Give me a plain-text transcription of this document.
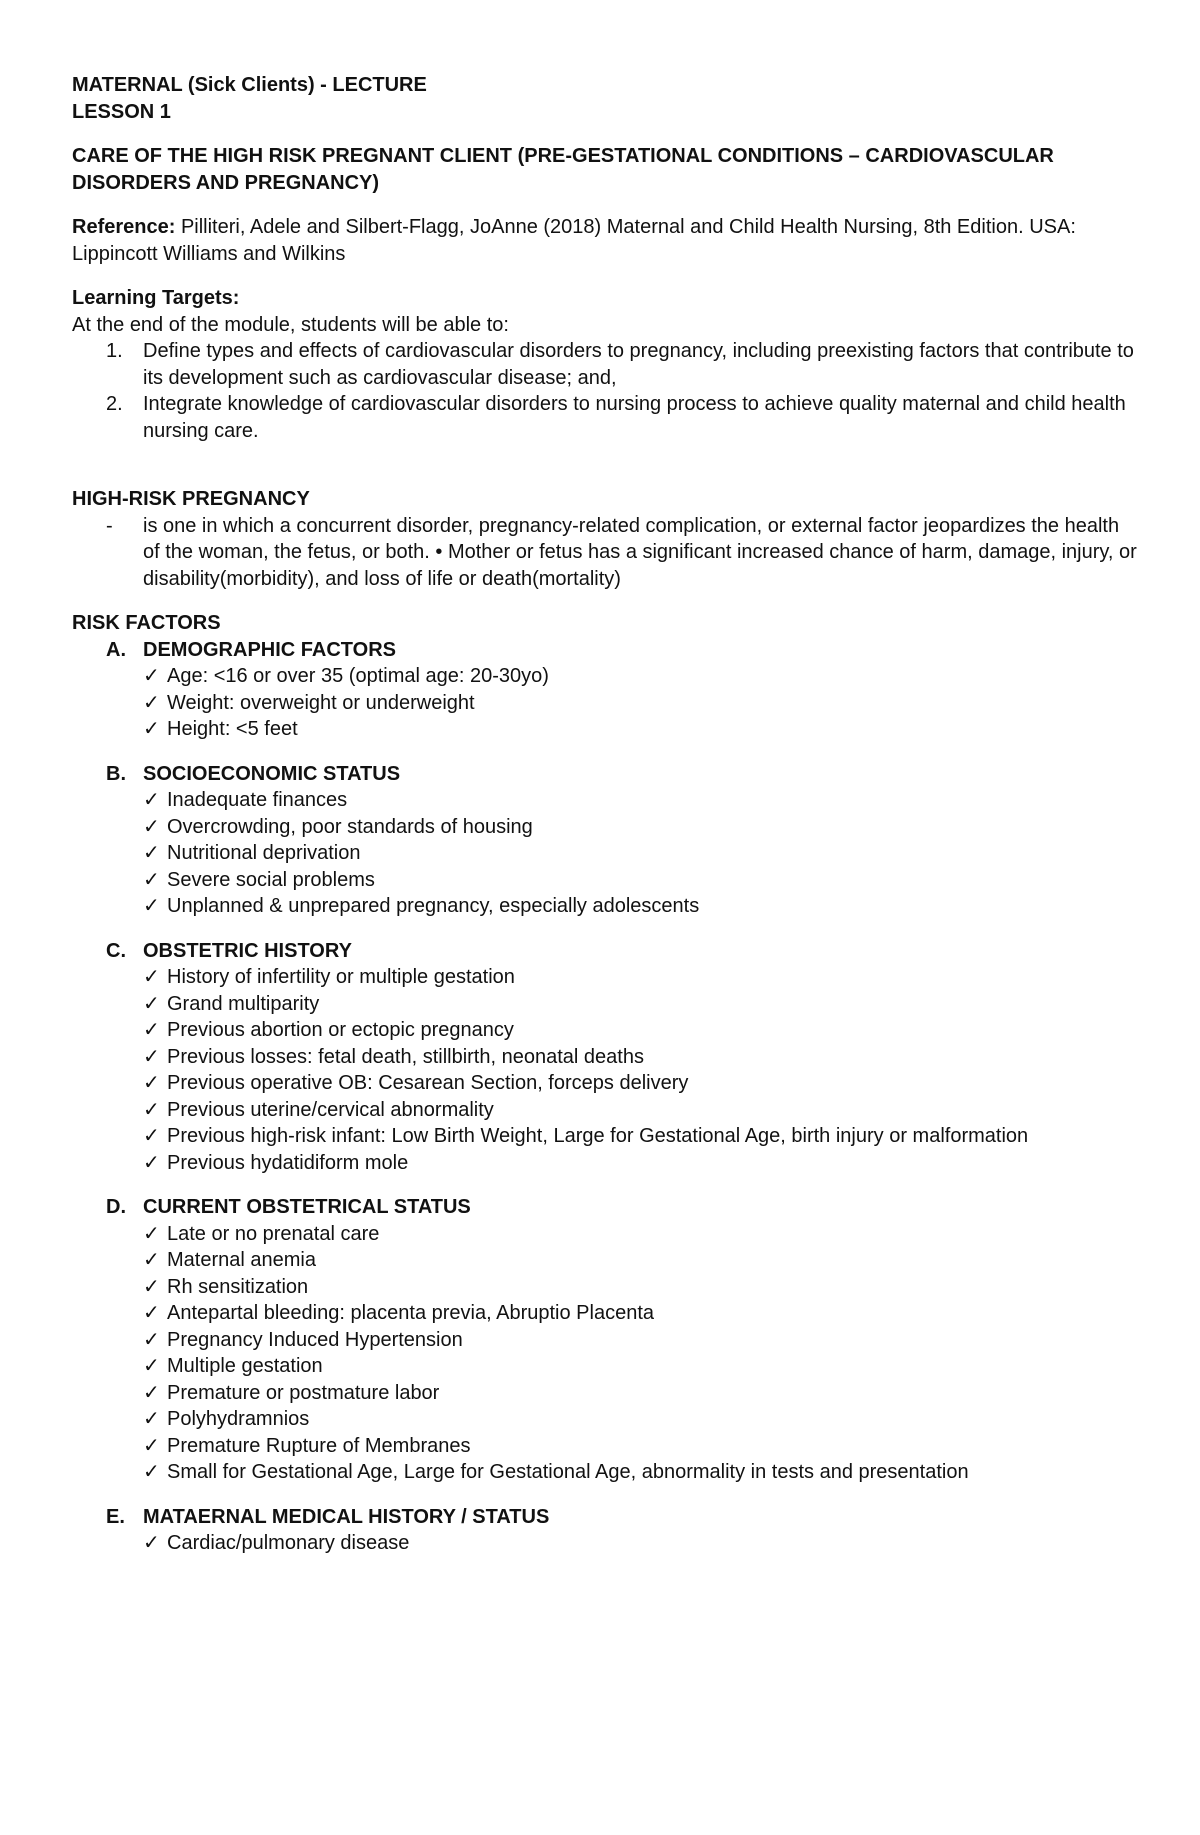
MATERNAL (Sick Clients) - LECTURE
LESSON 1
CARE OF THE HIGH RISK PREGNANT CLIENT (PRE-GESTATIONAL CONDITIONS – CARDIOVASCULAR DISORDERS AND PREGNANCY)
Reference: Pilliteri, Adele and Silbert-Flagg, JoAnne (2018) Maternal and Child Health Nursing, 8th Edition. USA: Lippincott Williams and Wilkins
Learning Targets:
At the end of the module, students will be able to:
1. Define types and effects of cardiovascular disorders to pregnancy, including preexisting factors that contribute to its development such as cardiovascular disease; and,
2. Integrate knowledge of cardiovascular disorders to nursing process to achieve quality maternal and child health nursing care.
HIGH-RISK PREGNANCY
- is one in which a concurrent disorder, pregnancy-related complication, or external factor jeopardizes the health of the woman, the fetus, or both. • Mother or fetus has a significant increased chance of harm, damage, injury, or disability(morbidity), and loss of life or death(mortality)
RISK FACTORS
A. DEMOGRAPHIC FACTORS
✓ Age: <16 or over 35 (optimal age: 20-30yo)
✓ Weight: overweight or underweight
✓ Height: <5 feet
B. SOCIOECONOMIC STATUS
✓ Inadequate finances
✓ Overcrowding, poor standards of housing
✓ Nutritional deprivation
✓ Severe social problems
✓ Unplanned & unprepared pregnancy, especially adolescents
C. OBSTETRIC HISTORY
✓ History of infertility or multiple gestation
✓ Grand multiparity
✓ Previous abortion or ectopic pregnancy
✓ Previous losses: fetal death, stillbirth, neonatal deaths
✓ Previous operative OB: Cesarean Section, forceps delivery
✓ Previous uterine/cervical abnormality
✓ Previous high-risk infant: Low Birth Weight, Large for Gestational Age, birth injury or malformation
✓ Previous hydatidiform mole
D. CURRENT OBSTETRICAL STATUS
✓ Late or no prenatal care
✓ Maternal anemia
✓ Rh sensitization
✓ Antepartal bleeding: placenta previa, Abruptio Placenta
✓ Pregnancy Induced Hypertension
✓ Multiple gestation
✓ Premature or postmature labor
✓ Polyhydramnios
✓ Premature Rupture of Membranes
✓ Small for Gestational Age, Large for Gestational Age, abnormality in tests and presentation
E. MATAERNAL MEDICAL HISTORY / STATUS
✓ Cardiac/pulmonary disease
